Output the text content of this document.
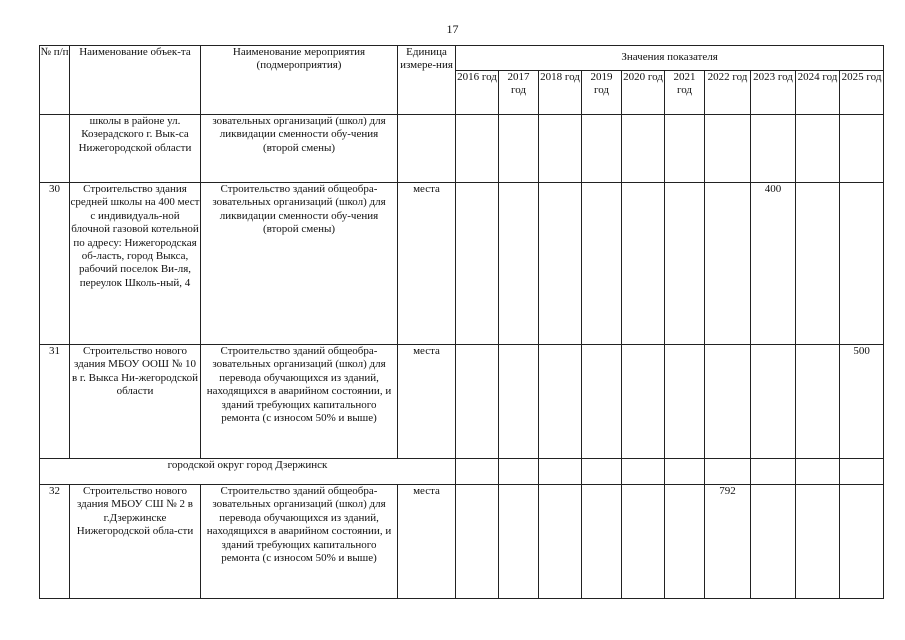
17
№ п/п	Наименование объек-та	Наименование мероприятия (подмероприятия)	Единица измере-ния	Значения показателя									
				2016 год	2017 год	2018 год	2019 год	2020 год	2021 год	2022 год	2023 год	2024 год	2025 год
	школы в районе ул. Козерадского г. Вык-са Нижегородской области	зовательных организаций (школ) для ликвидации сменности обу-чения (второй смены)											
30	Строительство здания средней школы на 400 мест с индивидуаль-ной блочной газовой котельной по адресу: Нижегородская об-ласть, город Выкса, рабочий поселок Ви-ля, переулок Школь-ный, 4	Строительство зданий общеобра-зовательных организаций (школ) для ликвидации сменности обу-чения (второй смены)	места								400		
31	Строительство нового здания МБОУ ООШ № 10 в г. Выкса Ни-жегородской области	Строительство зданий общеобра-зовательных организаций (школ) для перевода обучающихся из зданий, находящихся в аварийном состоянии, и зданий требующих капитального ремонта (с износом 50% и выше)	места										500
городской округ город Дзержинск													
32	Строительство нового здания МБОУ СШ № 2 в г.Дзержинске Нижегородской обла-сти	Строительство зданий общеобра-зовательных организаций (школ) для перевода обучающихся из зданий, находящихся в аварийном состоянии, и зданий требующих капитального ремонта (с износом 50% и выше)	места							792			
